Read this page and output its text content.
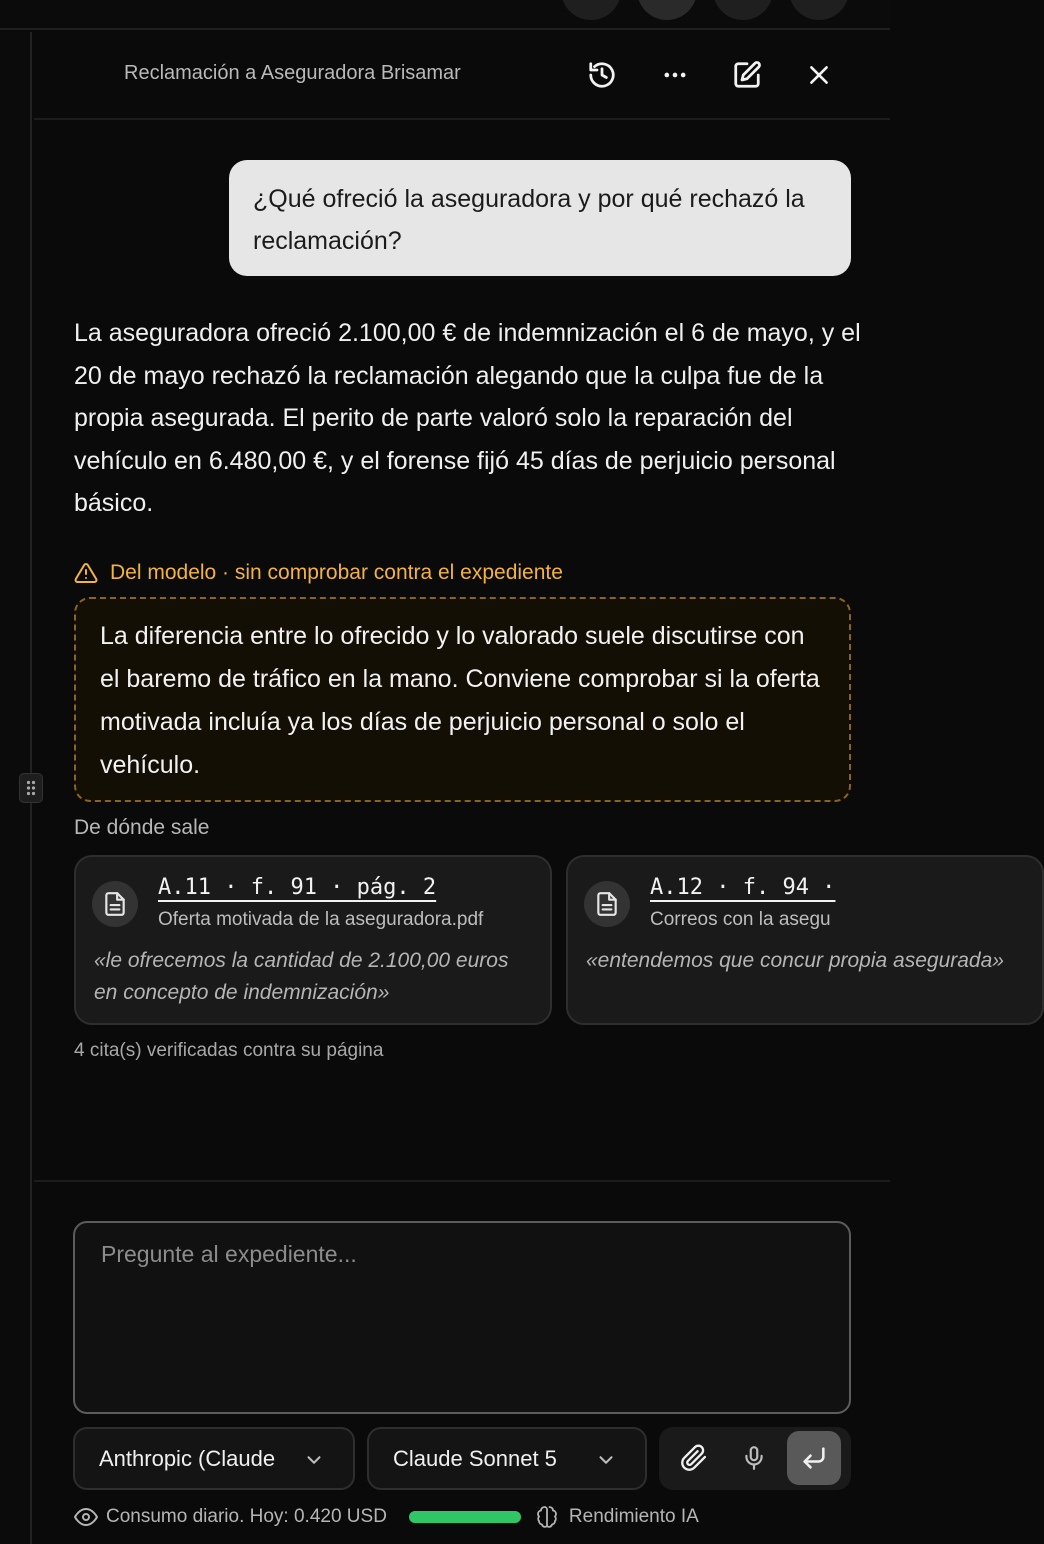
Reclamación a Aseguradora Brisamar
¿Qué ofreció la aseguradora y por qué rechazó la reclamación?
La aseguradora ofreció 2.100,00 € de indemnización el 6 de mayo, y el 20 de mayo rechazó la reclamación alegando que la culpa fue de la propia asegurada. El perito de parte valoró solo la reparación del vehículo en 6.480,00 €, y el forense fijó 45 días de perjuicio personal básico.
Del modelo · sin comprobar contra el expediente
La diferencia entre lo ofrecido y lo valorado suele discutirse con el baremo de tráfico en la mano. Conviene comprobar si la oferta motivada incluía ya los días de perjuicio personal o solo el vehículo.
De dónde sale
A.11 · f. 91 · pág. 2
Oferta motivada de la aseguradora.pdf
«le ofrecemos la cantidad de 2.100,00 euros en concepto de indemnización»
A.12 · f. 94 ·
Correos con la asegu
«entendemos que concur propia asegurada»
4 cita(s) verificadas contra su página
Pregunte al expediente...
Anthropic (Claude	Claude Sonnet 5
Consumo diario. Hoy: 0.420 USD	Rendimiento IA
